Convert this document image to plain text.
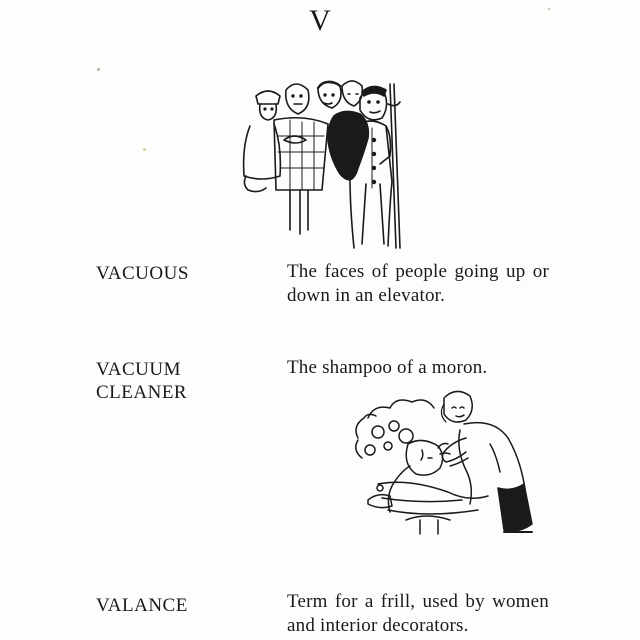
V
VACUOUS	The faces of people going up or down in an elevator.
VACUUM
CLEANER
The shampoo of a moron.
VALANCE	Term for a frill, used by women and interior decorators.
